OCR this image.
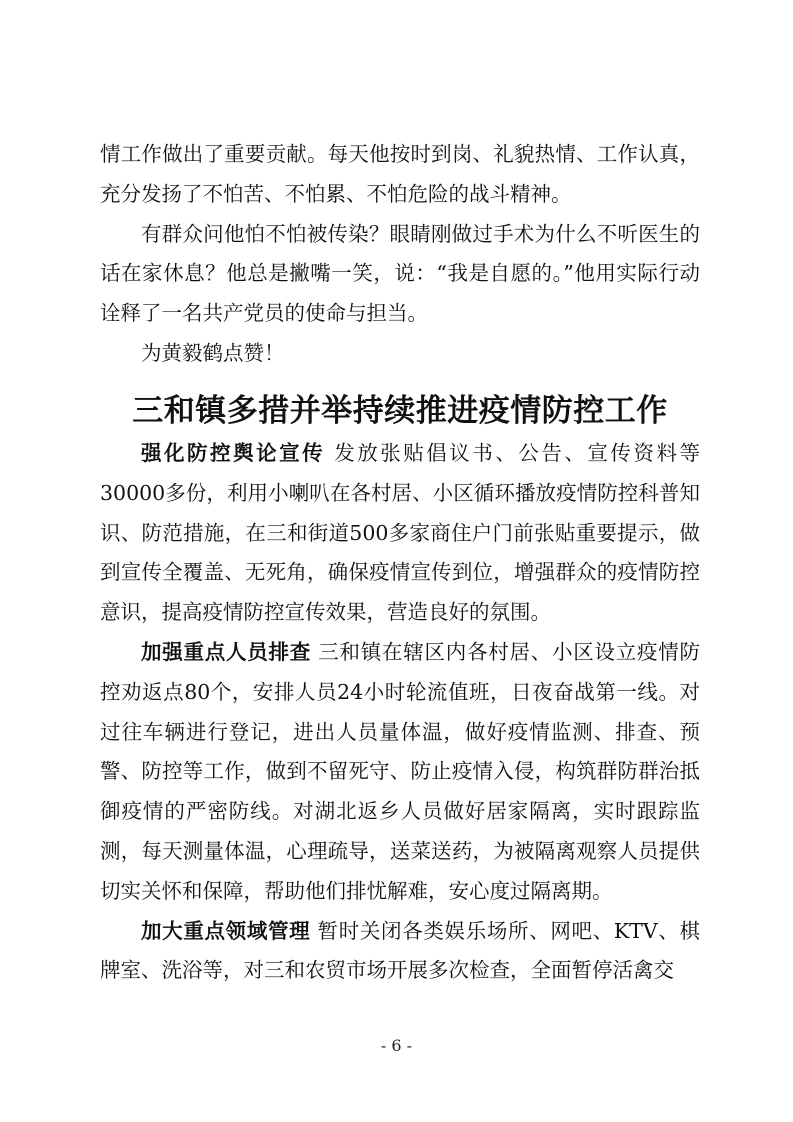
情工作做出了重要贡献。每天他按时到岗、礼貌热情、工作认真，充分发扬了不怕苦、不怕累、不怕危险的战斗精神。

有群众问他怕不怕被传染？眼睛刚做过手术为什么不听医生的话在家休息？他总是撇嘴一笑，说：“我是自愿的。”他用实际行动诠释了一名共产党员的使命与担当。

为黄毅鹤点赞！

三和镇多措并举持续推进疫情防控工作

强化防控舆论宣传 发放张贴倡议书、公告、宣传资料等30000多份，利用小喇叭在各村居、小区循环播放疫情防控科普知识、防范措施，在三和街道500多家商住户门前张贴重要提示，做到宣传全覆盖、无死角，确保疫情宣传到位，增强群众的疫情防控意识，提高疫情防控宣传效果，营造良好的氛围。

加强重点人员排查 三和镇在辖区内各村居、小区设立疫情防控劝返点80个，安排人员24小时轮流值班，日夜奋战第一线。对过往车辆进行登记，进出人员量体温，做好疫情监测、排查、预警、防控等工作，做到不留死守、防止疫情入侵，构筑群防群治抵御疫情的严密防线。对湖北返乡人员做好居家隔离，实时跟踪监测，每天测量体温，心理疏导，送菜送药，为被隔离观察人员提供切实关怀和保障，帮助他们排忧解难，安心度过隔离期。

加大重点领域管理 暂时关闭各类娱乐场所、网吧、KTV、棋牌室、洗浴等，对三和农贸市场开展多次检查，全面暂停活禽交

- 6 -
